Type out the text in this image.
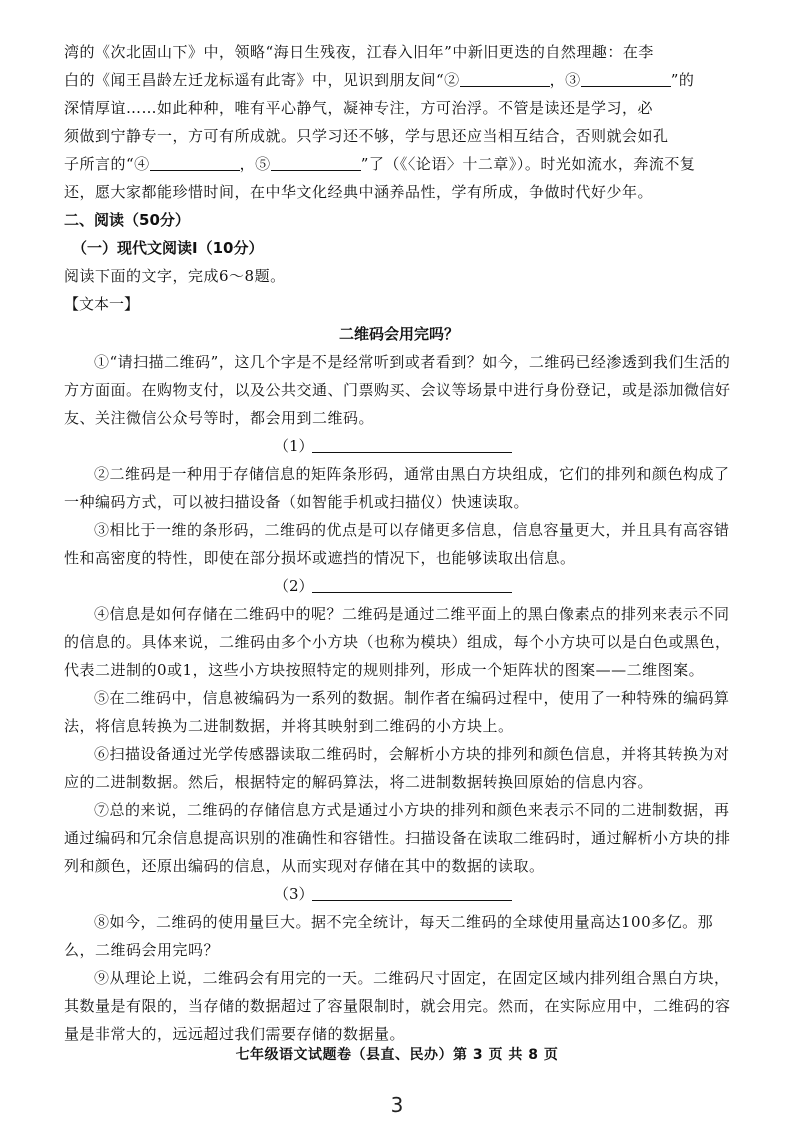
湾的《次北固山下》中，领略“海日生残夜，江春入旧年”中新旧更迭的自然理趣：在李

白的《闻王昌龄左迁龙标遥有此寄》中，见识到朋友间“②	，③	”的

深情厚谊……如此种种，唯有平心静气，凝神专注，方可治浮。不管是读还是学习，必

须做到宁静专一，方可有所成就。只学习还不够，学与思还应当相互结合，否则就会如孔

子所言的“④	，⑤	”了（《〈论语〉十二章》）。时光如流水，奔流不复

还，愿大家都能珍惜时间，在中华文化经典中涵养品性，学有所成，争做时代好少年。

二、阅读（50分）

（一）现代文阅读Ⅰ（10分）

阅读下面的文字，完成6～8题。

【文本一】

二维码会用完吗？

①“请扫描二维码”，这几个字是不是经常听到或者看到？如今，二维码已经渗透到我们生活的方方面面。在购物支付，以及公共交通、门票购买、会议等场景中进行身份登记，或是添加微信好友、关注微信公众号等时，都会用到二维码。

（1）

②二维码是一种用于存储信息的矩阵条形码，通常由黑白方块组成，它们的排列和颜色构成了一种编码方式，可以被扫描设备（如智能手机或扫描仪）快速读取。

③相比于一维的条形码，二维码的优点是可以存储更多信息，信息容量更大，并且具有高容错性和高密度的特性，即使在部分损坏或遮挡的情况下，也能够读取出信息。

（2）

④信息是如何存储在二维码中的呢？二维码是通过二维平面上的黑白像素点的排列来表示不同的信息的。具体来说，二维码由多个小方块（也称为模块）组成，每个小方块可以是白色或黑色，代表二进制的0或1，这些小方块按照特定的规则排列，形成一个矩阵状的图案——二维图案。

⑤在二维码中，信息被编码为一系列的数据。制作者在编码过程中，使用了一种特殊的编码算法，将信息转换为二进制数据，并将其映射到二维码的小方块上。

⑥扫描设备通过光学传感器读取二维码时，会解析小方块的排列和颜色信息，并将其转换为对应的二进制数据。然后，根据特定的解码算法，将二进制数据转换回原始的信息内容。

⑦总的来说，二维码的存储信息方式是通过小方块的排列和颜色来表示不同的二进制数据，再通过编码和冗余信息提高识别的准确性和容错性。扫描设备在读取二维码时，通过解析小方块的排列和颜色，还原出编码的信息，从而实现对存储在其中的数据的读取。

（3）

⑧如今，二维码的使用量巨大。据不完全统计，每天二维码的全球使用量高达100多亿。那么，二维码会用完吗？

⑨从理论上说，二维码会有用完的一天。二维码尺寸固定，在固定区域内排列组合黑白方块，其数量是有限的，当存储的数据超过了容量限制时，就会用完。然而，在实际应用中，二维码的容量是非常大的，远远超过我们需要存储的数据量。

七年级语文试题卷（县直、民办）第 3 页 共 8 页
3
